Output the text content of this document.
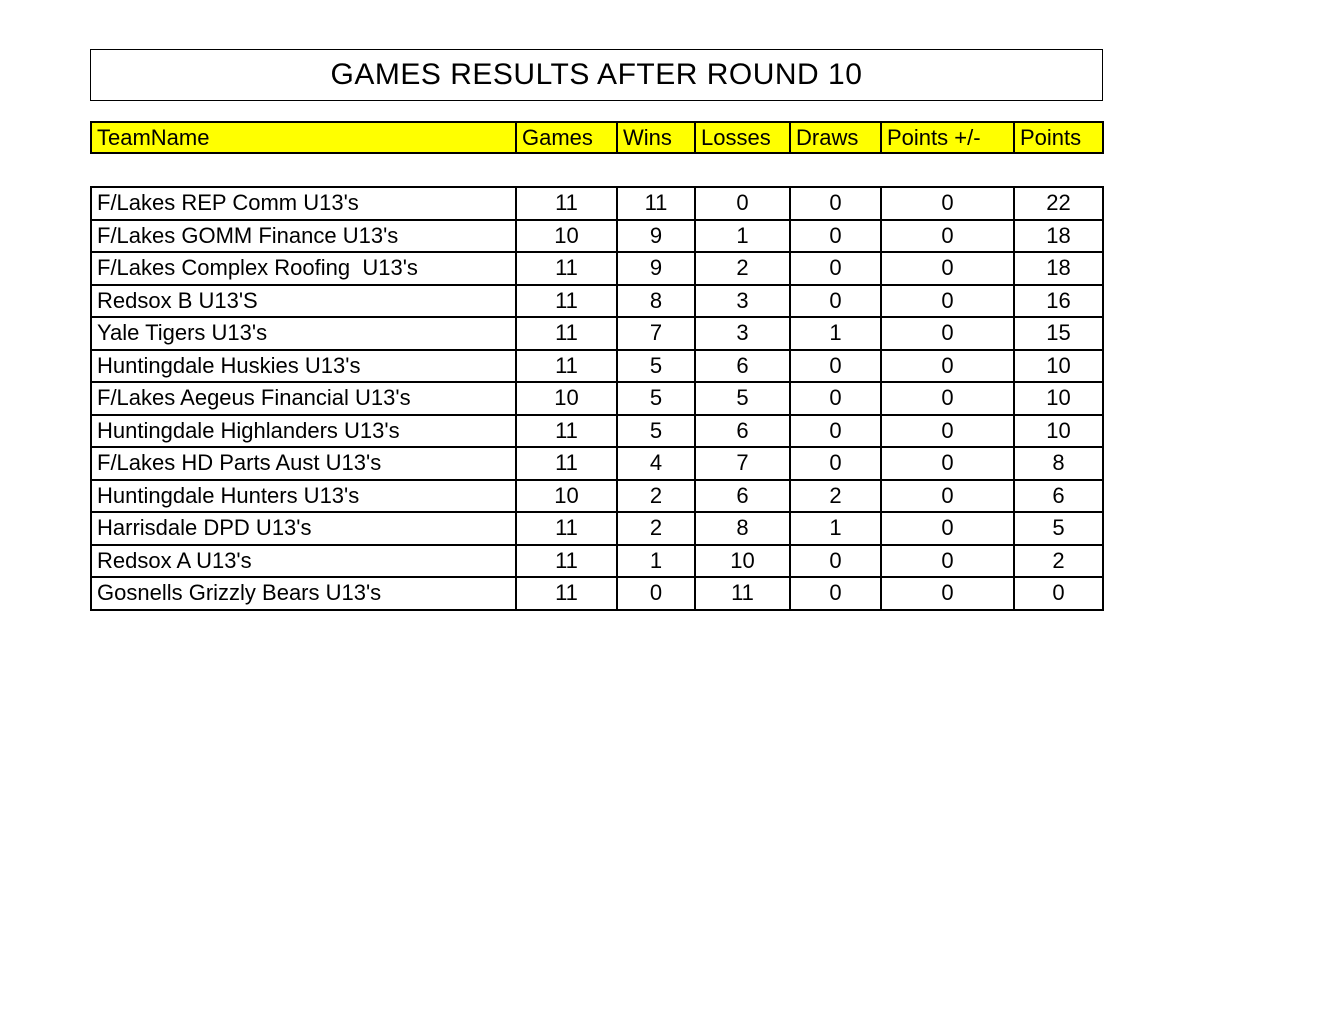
GAMES RESULTS AFTER ROUND 10
TeamName	Games	Wins	Losses	Draws	Points +/-	Points
F/Lakes REP Comm U13's	11	11	0	0	0	22
F/Lakes GOMM Finance U13's	10	9	1	0	0	18
F/Lakes Complex Roofing  U13's	11	9	2	0	0	18
Redsox B U13'S	11	8	3	0	0	16
Yale Tigers U13's	11	7	3	1	0	15
Huntingdale Huskies U13's	11	5	6	0	0	10
F/Lakes Aegeus Financial U13's	10	5	5	0	0	10
Huntingdale Highlanders U13's	11	5	6	0	0	10
F/Lakes HD Parts Aust U13's	11	4	7	0	0	8
Huntingdale Hunters U13's	10	2	6	2	0	6
Harrisdale DPD U13's	11	2	8	1	0	5
Redsox A U13's	11	1	10	0	0	2
Gosnells Grizzly Bears U13's	11	0	11	0	0	0
